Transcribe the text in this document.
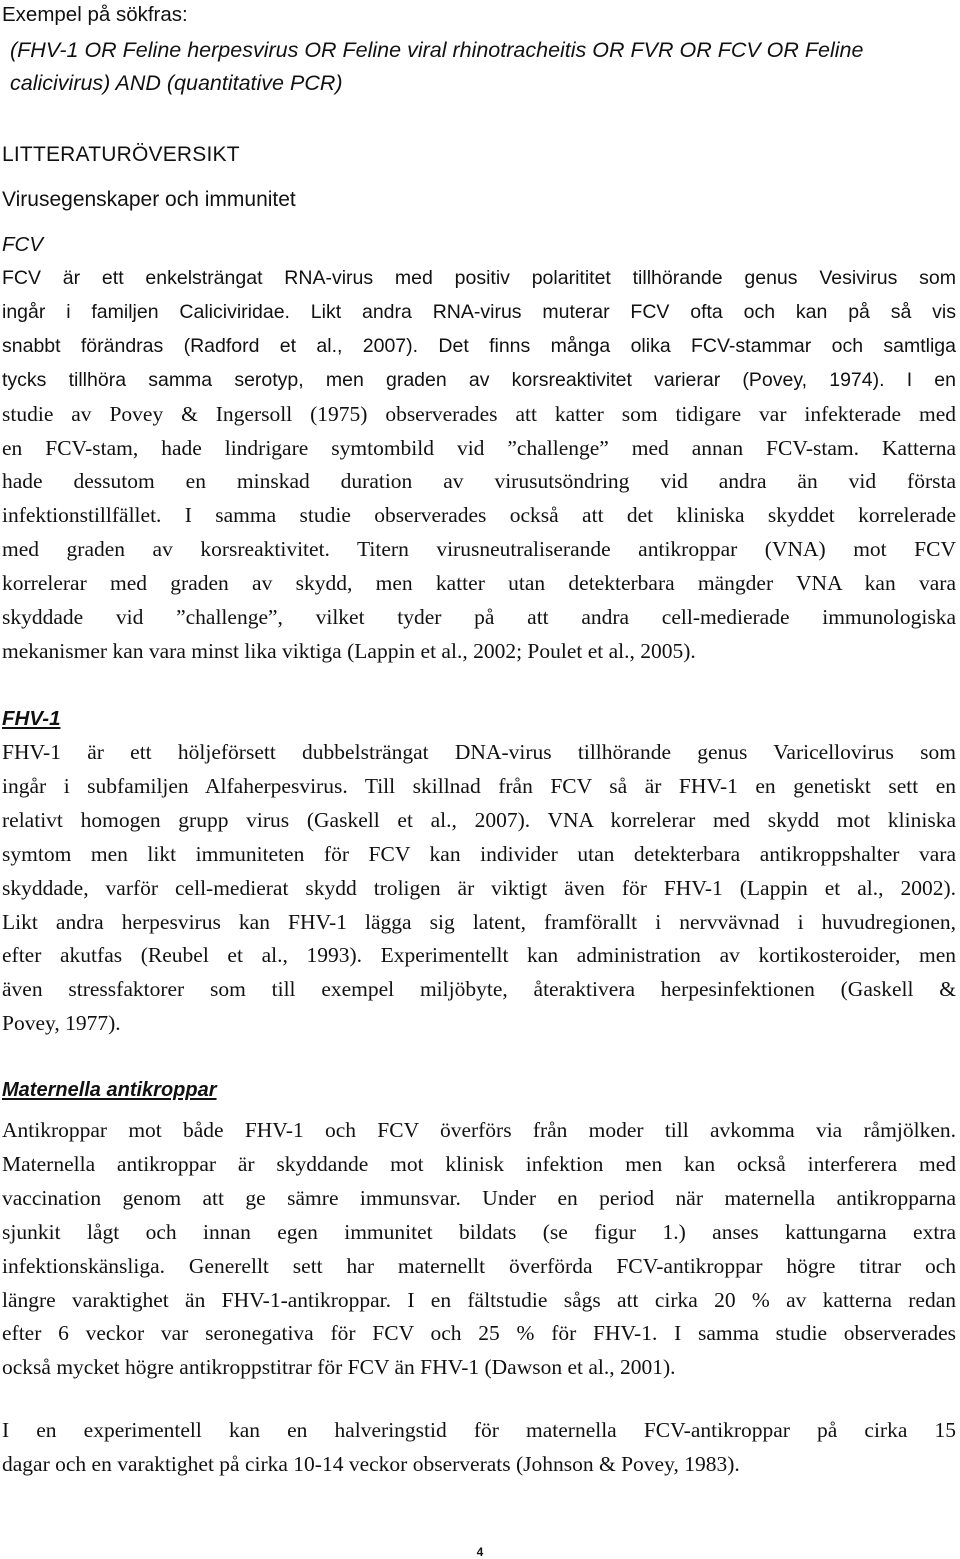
Exempel på sökfras:
(FHV-1 OR Feline herpesvirus OR Feline viral rhinotracheitis OR FVR OR FCV OR Feline
calicivirus) AND (quantitative PCR)
LITTERATURÖVERSIKT
Virusegenskaper och immunitet
FCV
FCV är ett enkelsträngat RNA-virus med positiv polarititet tillhörande genus Vesivirus som
ingår i familjen Caliciviridae. Likt andra RNA-virus muterar FCV ofta och kan på så vis
snabbt förändras (Radford et al., 2007). Det finns många olika FCV-stammar och samtliga
tycks tillhöra samma serotyp, men graden av korsreaktivitet varierar (Povey, 1974). I en
studie av Povey & Ingersoll (1975) observerades att katter som tidigare var infekterade med
en FCV-stam, hade lindrigare symtombild vid ”challenge” med annan FCV-stam. Katterna
hade dessutom en minskad duration av virusutsöndring vid andra än vid första
infektionstillfället. I samma studie observerades också att det kliniska skyddet korrelerade
med graden av korsreaktivitet. Titern virusneutraliserande antikroppar (VNA) mot FCV
korrelerar med graden av skydd, men katter utan detekterbara mängder VNA kan vara
skyddade vid ”challenge”, vilket tyder på att andra cell-medierade immunologiska
mekanismer kan vara minst lika viktiga (Lappin et al., 2002; Poulet et al., 2005).
FHV-1
FHV-1 är ett höljeförsett dubbelsträngat DNA-virus tillhörande genus Varicellovirus som
ingår i subfamiljen Alfaherpesvirus. Till skillnad från FCV så är FHV-1 en genetiskt sett en
relativt homogen grupp virus (Gaskell et al., 2007). VNA korrelerar med skydd mot kliniska
symtom men likt immuniteten för FCV kan individer utan detekterbara antikroppshalter vara
skyddade, varför cell-medierat skydd troligen är viktigt även för FHV-1 (Lappin et al., 2002).
Likt andra herpesvirus kan FHV-1 lägga sig latent, framförallt i nervvävnad i huvudregionen,
efter akutfas (Reubel et al., 1993). Experimentellt kan administration av kortikosteroider, men
även stressfaktorer som till exempel miljöbyte, återaktivera herpesinfektionen (Gaskell &
Povey, 1977).
Maternella antikroppar
Antikroppar mot både FHV-1 och FCV överförs från moder till avkomma via råmjölken.
Maternella antikroppar är skyddande mot klinisk infektion men kan också interferera med
vaccination genom att ge sämre immunsvar. Under en period när maternella antikropparna
sjunkit lågt och innan egen immunitet bildats (se figur 1.) anses kattungarna extra
infektionskänsliga. Generellt sett har maternellt överförda FCV-antikroppar högre titrar och
längre varaktighet än FHV-1-antikroppar. I en fältstudie sågs att cirka 20 % av katterna redan
efter 6 veckor var seronegativa för FCV och 25 % för FHV-1. I samma studie observerades
också mycket högre antikroppstitrar för FCV än FHV-1 (Dawson et al., 2001).
I en experimentell kan en halveringstid för maternella FCV-antikroppar på cirka 15
dagar och en varaktighet på cirka 10-14 veckor observerats (Johnson & Povey, 1983).
4
